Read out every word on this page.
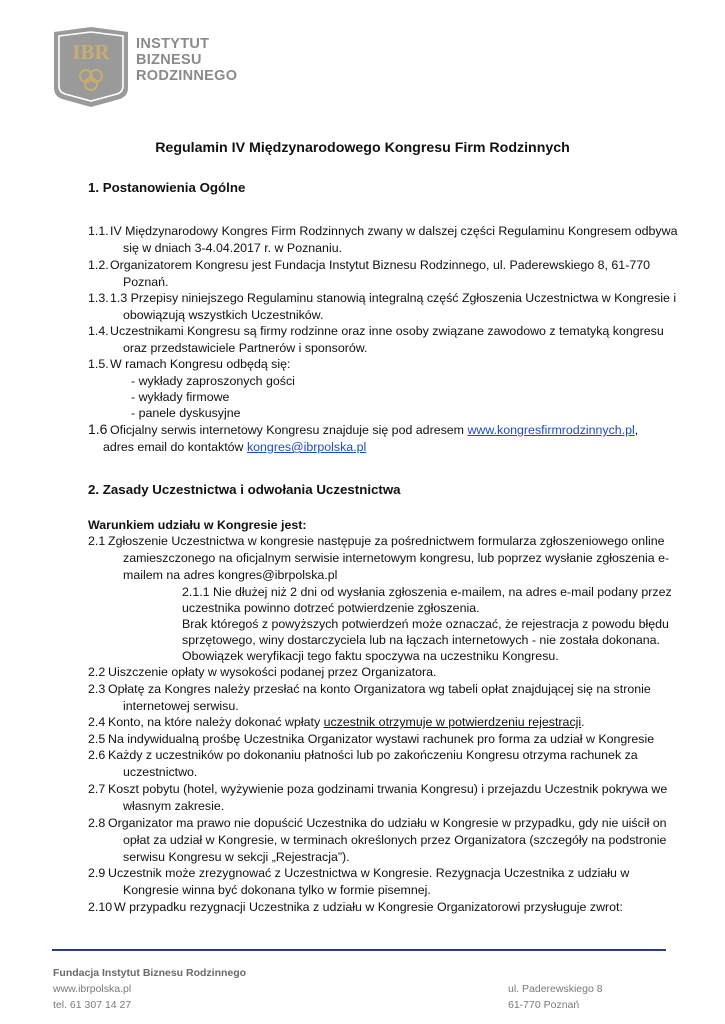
IBR INSTYTUT
BIZNESU
RODZINNEGO
Regulamin IV Międzynarodowego Kongresu Firm Rodzinnych
1. Postanowienia Ogólne
1.1. IV Międzynarodowy Kongres Firm Rodzinnych zwany w dalszej części Regulaminu Kongresem odbywa
się w dniach 3-4.04.2017 r. w Poznaniu.
1.2. Organizatorem Kongresu jest Fundacja Instytut Biznesu Rodzinnego, ul. Paderewskiego 8, 61-770
Poznań.
1.3. 1.3 Przepisy niniejszego Regulaminu stanowią integralną część Zgłoszenia Uczestnictwa w Kongresie i
obowiązują wszystkich Uczestników.
1.4. Uczestnikami Kongresu są firmy rodzinne oraz inne osoby związane zawodowo z tematyką kongresu
oraz przedstawiciele Partnerów i sponsorów.
1.5. W ramach Kongresu odbędą się:
- wykłady zaproszonych gości
- wykłady firmowe
- panele dyskusyjne
1.6 Oficjalny serwis internetowy Kongresu znajduje się pod adresem www.kongresfirmrodzinnych.pl,
adres email do kontaktów kongres@ibrpolska.pl
2. Zasady Uczestnictwa i odwołania Uczestnictwa
Warunkiem udziału w Kongresie jest:
2.1 Zgłoszenie Uczestnictwa w kongresie następuje za pośrednictwem formularza zgłoszeniowego online
zamieszczonego na oficjalnym serwisie internetowym kongresu, lub poprzez wysłanie zgłoszenia e-
mailem na adres kongres@ibrpolska.pl
2.1.1 Nie dłużej niż 2 dni od wysłania zgłoszenia e-mailem, na adres e-mail podany przez
uczestnika powinno dotrzeć potwierdzenie zgłoszenia.
Brak któregoś z powyższych potwierdzeń może oznaczać, że rejestracja z powodu błędu
sprzętowego, winy dostarczyciela lub na łączach internetowych - nie została dokonana.
Obowiązek weryfikacji tego faktu spoczywa na uczestniku Kongresu.
2.2 Uiszczenie opłaty w wysokości podanej przez Organizatora.
2.3 Opłatę za Kongres należy przesłać na konto Organizatora wg tabeli opłat znajdującej się na stronie
internetowej serwisu.
2.4 Konto, na które należy dokonać wpłaty uczestnik otrzymuje w potwierdzeniu rejestracji.
2.5 Na indywidualną prośbę Uczestnika Organizator wystawi rachunek pro forma za udział w Kongresie
2.6 Każdy z uczestników po dokonaniu płatności lub po zakończeniu Kongresu otrzyma rachunek za
uczestnictwo.
2.7 Koszt pobytu (hotel, wyżywienie poza godzinami trwania Kongresu) i przejazdu Uczestnik pokrywa we
własnym zakresie.
2.8 Organizator ma prawo nie dopuścić Uczestnika do udziału w Kongresie w przypadku, gdy nie uiścił on
opłat za udział w Kongresie, w terminach określonych przez Organizatora (szczegóły na podstronie
serwisu Kongresu w sekcji „Rejestracja”).
2.9 Uczestnik może zrezygnować z Uczestnictwa w Kongresie. Rezygnacja Uczestnika z udziału w
Kongresie winna być dokonana tylko w formie pisemnej.
2.10 W przypadku rezygnacji Uczestnika z udziału w Kongresie Organizatorowi przysługuje zwrot:
Fundacja Instytut Biznesu Rodzinnego
www.ibrpolska.pl
tel. 61 307 14 27
ul. Paderewskiego 8
61-770 Poznań
